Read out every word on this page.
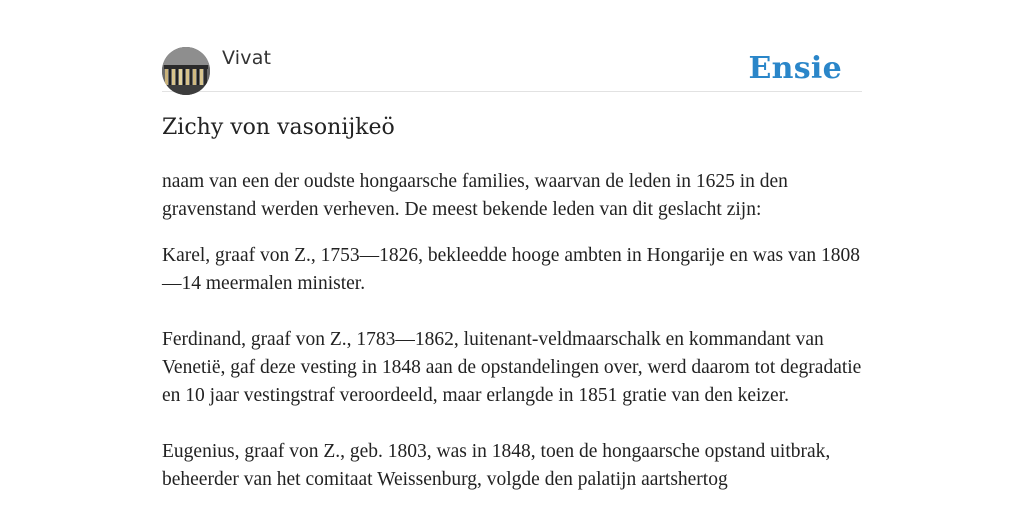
Vivat	Ensie
Zichy von vasonijkeö

naam van een der oudste hongaarsche families, waarvan de leden in 1625 in den gravenstand werden verheven. De meest bekende leden van dit geslacht zijn:

Karel, graaf von Z., 1753—1826, bekleedde hooge ambten in Hongarije en was van 1808 —14 meermalen minister.

Ferdinand, graaf von Z., 1783—1862, luitenant-veldmaarschalk en kommandant van Venetië, gaf deze vesting in 1848 aan de opstandelingen over, werd daarom tot degradatie en 10 jaar vestingstraf veroordeeld, maar erlangde in 1851 gratie van den keizer.

Eugenius, graaf von Z., geb. 1803, was in 1848, toen de hongaarsche opstand uitbrak, beheerder van het comitaat Weissenburg, volgde den palatijn aartshertog
